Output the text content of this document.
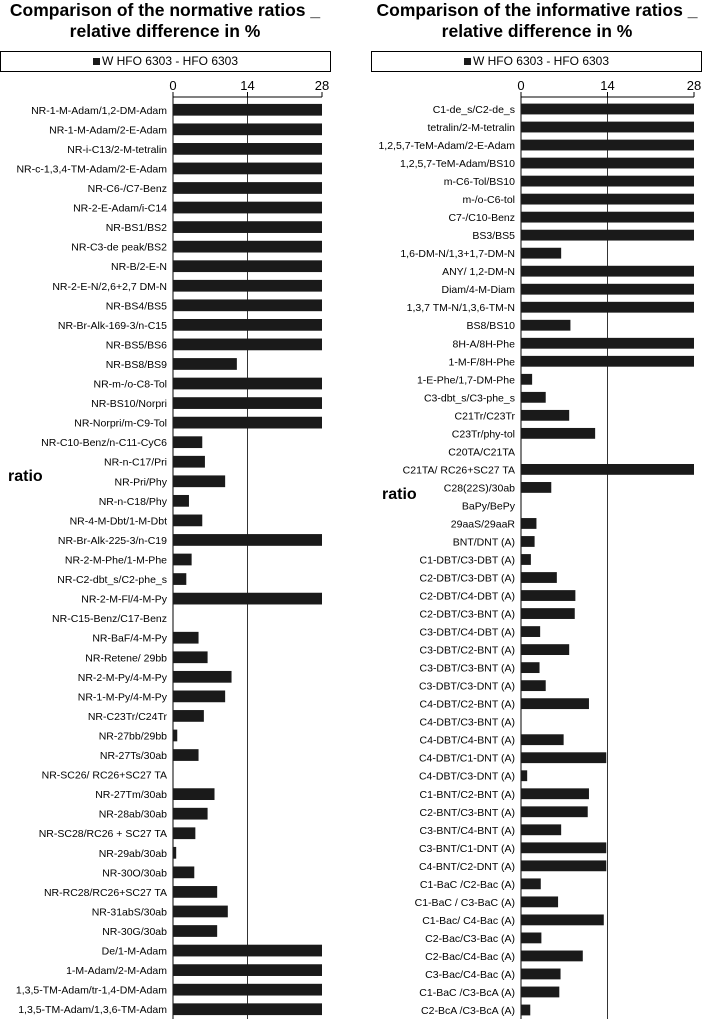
Comparison of the normative ratios _ relative difference in %
Comparison of the informative ratios _ relative difference in %
W HFO 6303 - HFO 6303	W HFO 6303 - HFO 6303
0	14	28
NR-1-M-Adam/1,2-DM-Adam
NR-1-M-Adam/2-E-Adam
NR-i-C13/2-M-tetralin
NR-c-1,3,4-TM-Adam/2-E-Adam
NR-C6-/C7-Benz
NR-2-E-Adam/i-C14
NR-BS1/BS2
NR-C3-de peak/BS2
NR-B/2-E-N
NR-2-E-N/2,6+2,7 DM-N
NR-BS4/BS5
NR-Br-Alk-169-3/n-C15
NR-BS5/BS6
NR-BS8/BS9
NR-m-/o-C8-Tol
NR-BS10/Norpri
NR-Norpri/m-C9-Tol
NR-C10-Benz/n-C11-CyC6
NR-n-C17/Pri
NR-Pri/Phy
NR-n-C18/Phy
NR-4-M-Dbt/1-M-Dbt
NR-Br-Alk-225-3/n-C19
NR-2-M-Phe/1-M-Phe
NR-C2-dbt_s/C2-phe_s
NR-2-M-Fl/4-M-Py
NR-C15-Benz/C17-Benz
NR-BaF/4-M-Py
NR-Retene/ 29bb
NR-2-M-Py/4-M-Py
NR-1-M-Py/4-M-Py
NR-C23Tr/C24Tr
NR-27bb/29bb
NR-27Ts/30ab
NR-SC26/ RC26+SC27 TA
NR-27Tm/30ab
NR-28ab/30ab
NR-SC28/RC26 + SC27 TA
NR-29ab/30ab
NR-30O/30ab
NR-RC28/RC26+SC27 TA
NR-31abS/30ab
NR-30G/30ab
De/1-M-Adam
1-M-Adam/2-M-Adam
1,3,5-TM-Adam/tr-1,4-DM-Adam
1,3,5-TM-Adam/1,3,6-TM-Adam
0	14	28
C1-de_s/C2-de_s
tetralin/2-M-tetralin
1,2,5,7-TeM-Adam/2-E-Adam
1,2,5,7-TeM-Adam/BS10
m-C6-Tol/BS10
m-/o-C6-tol
C7-/C10-Benz
BS3/BS5
1,6-DM-N/1,3+1,7-DM-N
ANY/ 1,2-DM-N
Diam/4-M-Diam
1,3,7 TM-N/1,3,6-TM-N
BS8/BS10
8H-A/8H-Phe
1-M-F/8H-Phe
1-E-Phe/1,7-DM-Phe
C3-dbt_s/C3-phe_s
C21Tr/C23Tr
C23Tr/phy-tol
C20TA/C21TA
C21TA/ RC26+SC27 TA
C28(22S)/30ab
BaPy/BePy
29aaS/29aaR
BNT/DNT (A)
C1-DBT/C3-DBT (A)
C2-DBT/C3-DBT (A)
C2-DBT/C4-DBT (A)
C2-DBT/C3-BNT (A)
C3-DBT/C4-DBT (A)
C3-DBT/C2-BNT (A)
C3-DBT/C3-BNT (A)
C3-DBT/C3-DNT (A)
C4-DBT/C2-BNT (A)
C4-DBT/C3-BNT (A)
C4-DBT/C4-BNT (A)
C4-DBT/C1-DNT (A)
C4-DBT/C3-DNT (A)
C1-BNT/C2-BNT (A)
C2-BNT/C3-BNT (A)
C3-BNT/C4-BNT (A)
C3-BNT/C1-DNT (A)
C4-BNT/C2-DNT (A)
C1-BaC /C2-Bac (A)
C1-BaC / C3-BaC (A)
C1-Bac/ C4-Bac (A)
C2-Bac/C3-Bac (A)
C2-Bac/C4-Bac (A)
C3-Bac/C4-Bac (A)
C1-BaC /C3-BcA (A)
C2-BcA /C3-BcA (A)
ratio
ratio
